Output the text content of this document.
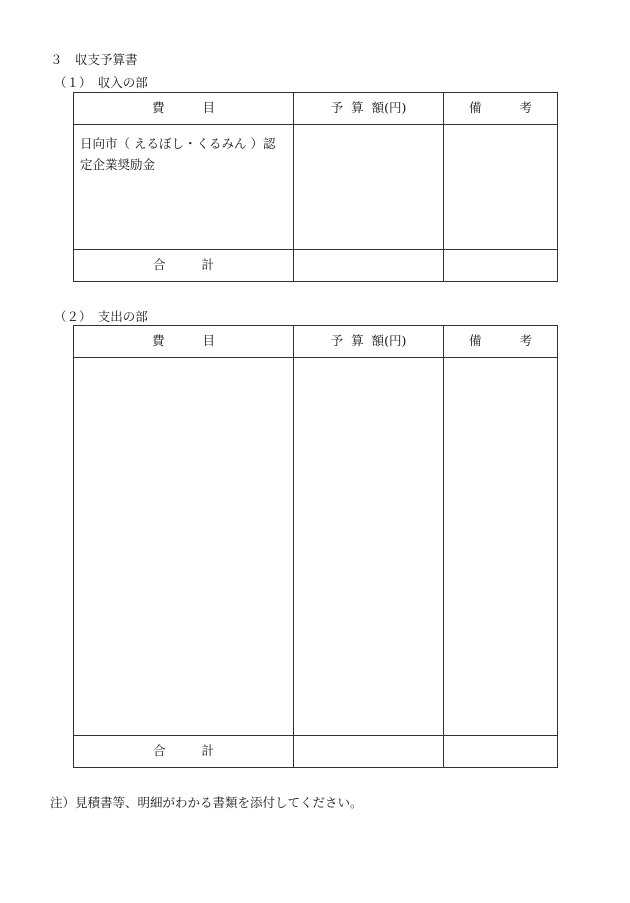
３　収支予算書
（１）　収入の部
費 目	予 算 額(円)	備 考
日向市（ えるぼし・くるみん ）認定企業奨励金		
合 計		
（２）　支出の部
費 目	予 算 額(円)	備 考

合 計		
注）見積書等、明細がわかる書類を添付してください。
